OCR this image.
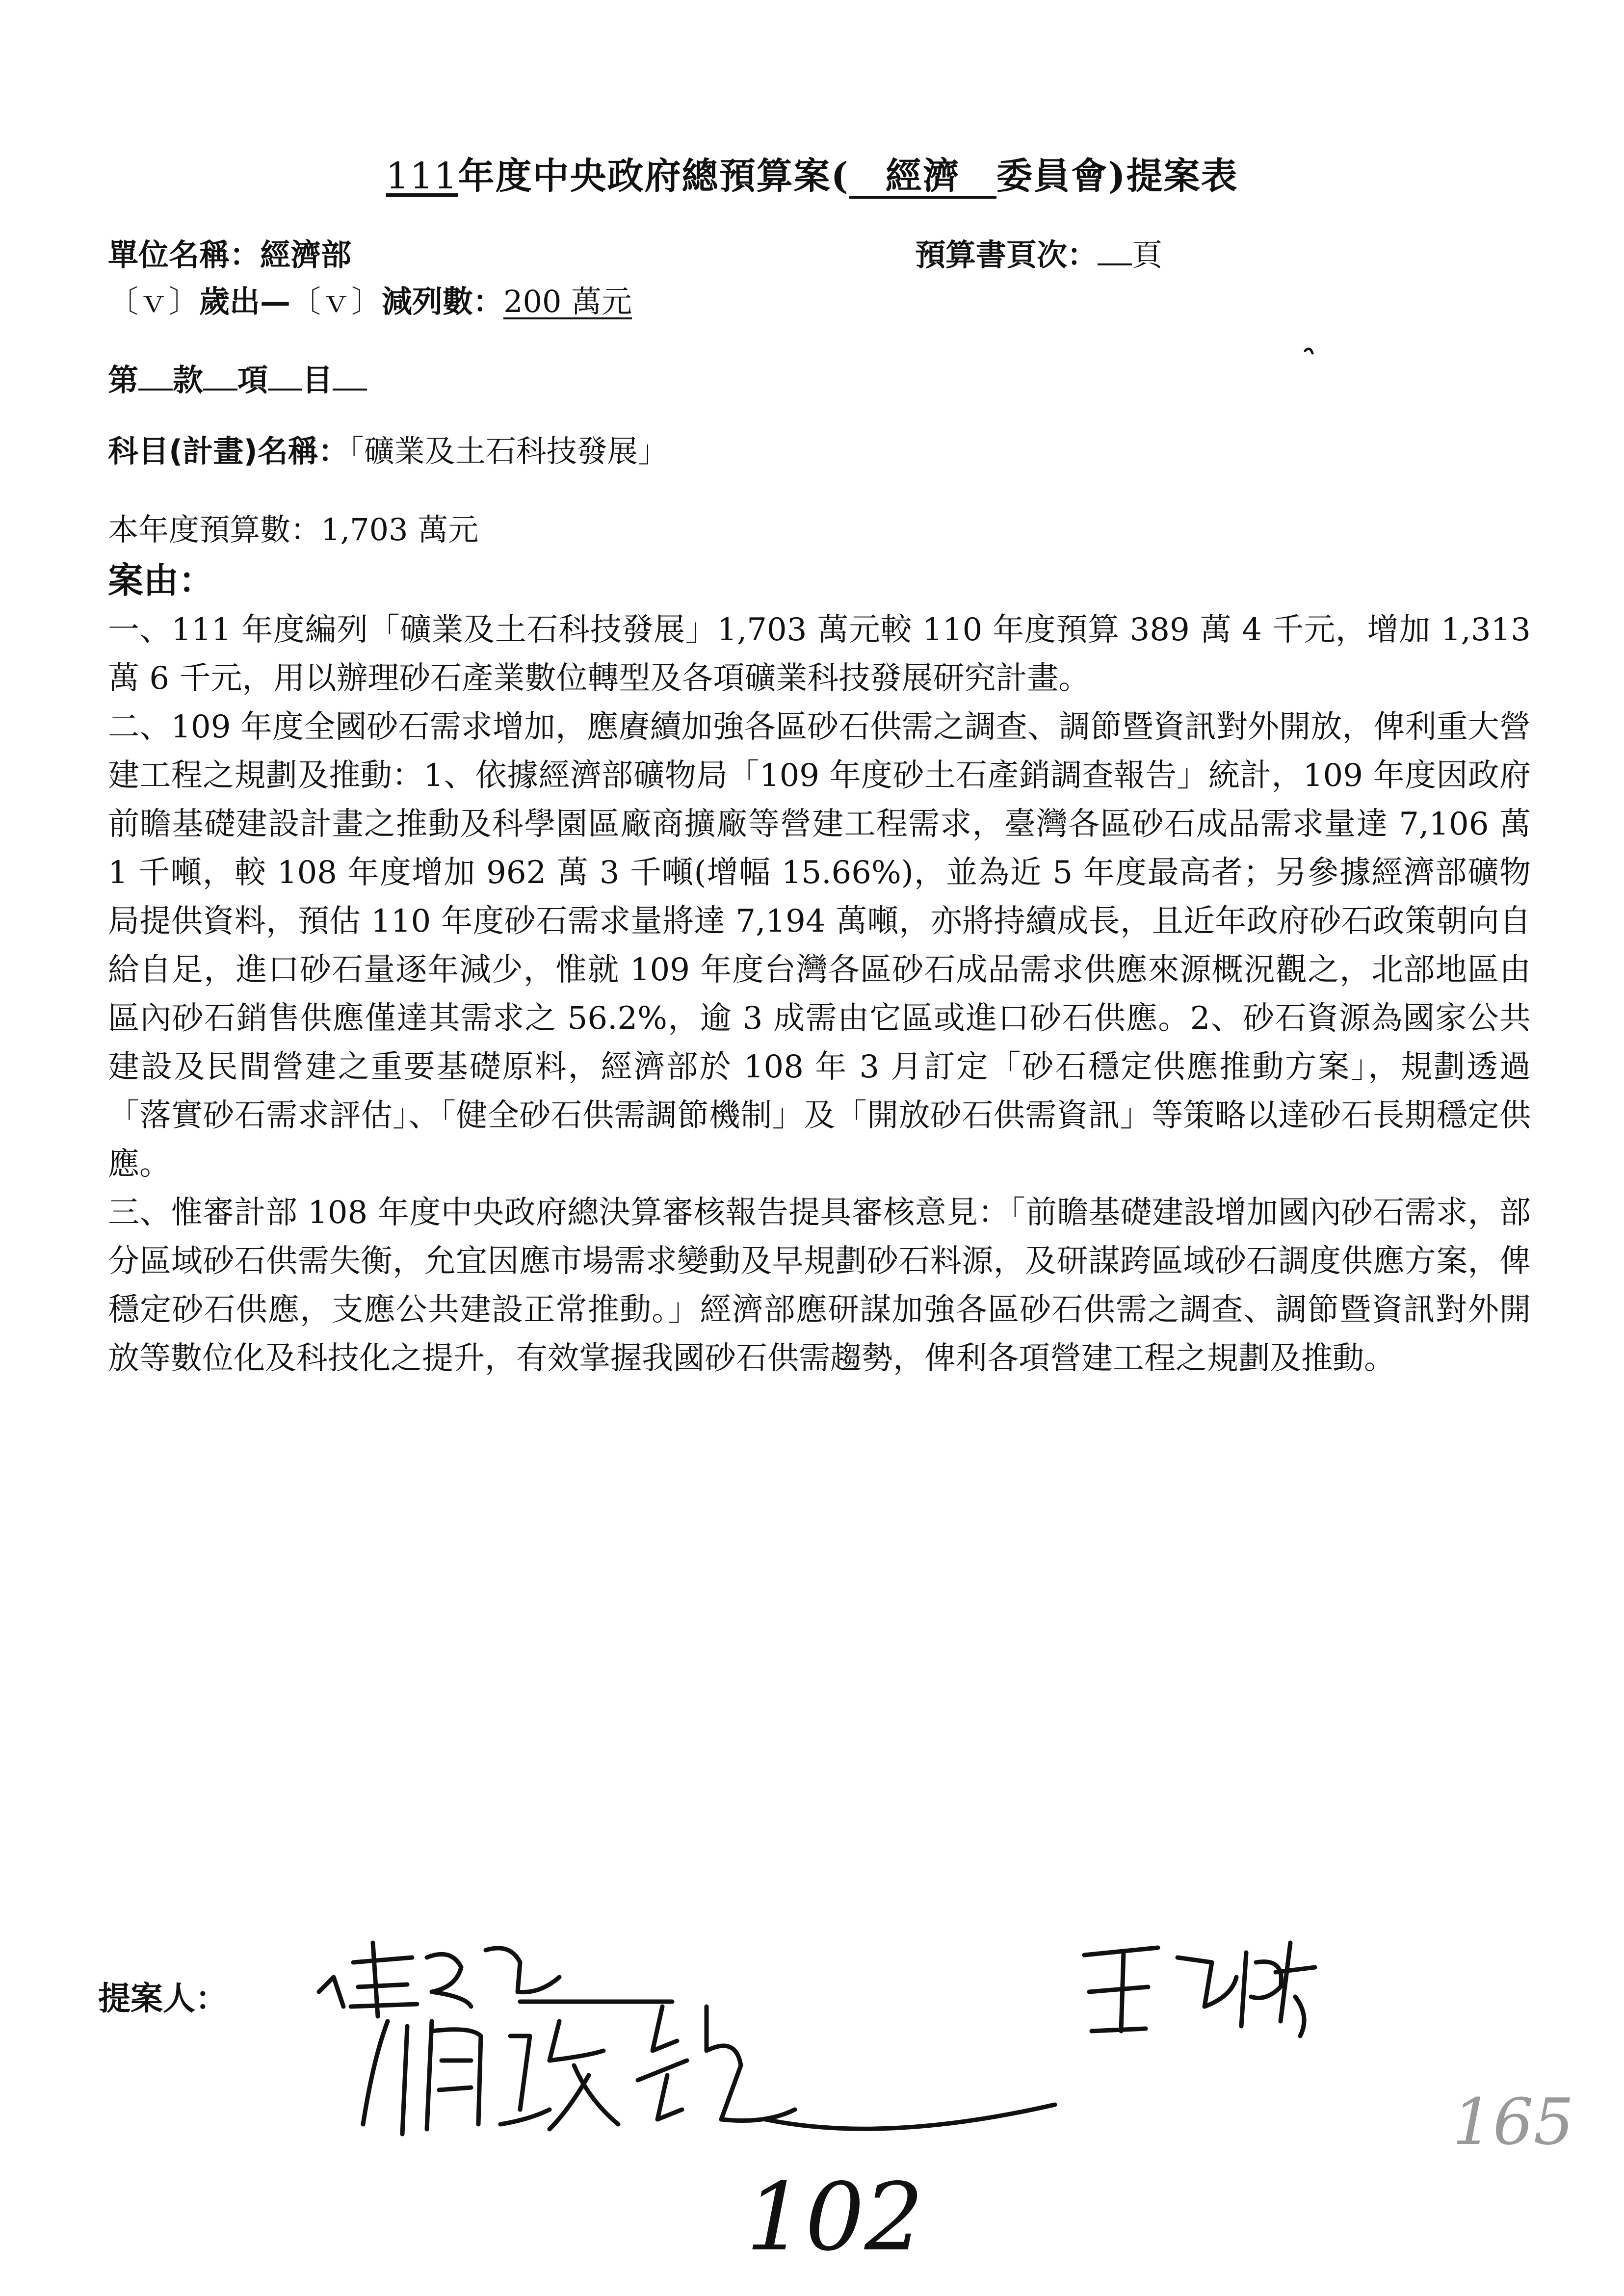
111年度中央政府總預算案( 經濟 委員會)提案表
單位名稱：經濟部	預算書頁次： 頁
〔ｖ〕歲出—〔ｖ〕減列數：200 萬元
第 款 項 目
科目(計畫)名稱：「礦業及土石科技發展」
本年度預算數：1,703 萬元
案由：

一、111 年度編列「礦業及土石科技發展」1,703 萬元較 110 年度預算 389 萬 4 千元，增加 1,313 萬 6 千元，用以辦理砂石產業數位轉型及各項礦業科技發展研究計畫。

二、109 年度全國砂石需求增加，應賡續加強各區砂石供需之調查、調節暨資訊對外開放，俾利重大營建工程之規劃及推動：1、依據經濟部礦物局「109 年度砂土石產銷調查報告」統計，109 年度因政府前瞻基礎建設計畫之推動及科學園區廠商擴廠等營建工程需求，臺灣各區砂石成品需求量達 7,106 萬 1 千噸，較 108 年度增加 962 萬 3 千噸(增幅 15.66%)，並為近 5 年度最高者；另參據經濟部礦物局提供資料，預估 110 年度砂石需求量將達 7,194 萬噸，亦將持續成長，且近年政府砂石政策朝向自給自足，進口砂石量逐年減少，惟就 109 年度台灣各區砂石成品需求供應來源概況觀之，北部地區由區內砂石銷售供應僅達其需求之 56.2%，逾 3 成需由它區或進口砂石供應。2、砂石資源為國家公共建設及民間營建之重要基礎原料，經濟部於 108 年 3 月訂定「砂石穩定供應推動方案」，規劃透過「落實砂石需求評估」、「健全砂石供需調節機制」及「開放砂石供需資訊」等策略以達砂石長期穩定供應。

三、惟審計部 108 年度中央政府總決算審核報告提具審核意見：「前瞻基礎建設增加國內砂石需求，部分區域砂石供需失衡，允宜因應市場需求變動及早規劃砂石料源，及研謀跨區域砂石調度供應方案，俾穩定砂石供應，支應公共建設正常推動。」經濟部應研謀加強各區砂石供需之調查、調節暨資訊對外開放等數位化及科技化之提升，有效掌握我國砂石供需趨勢，俾利各項營建工程之規劃及推動。

提案人：
102
165
